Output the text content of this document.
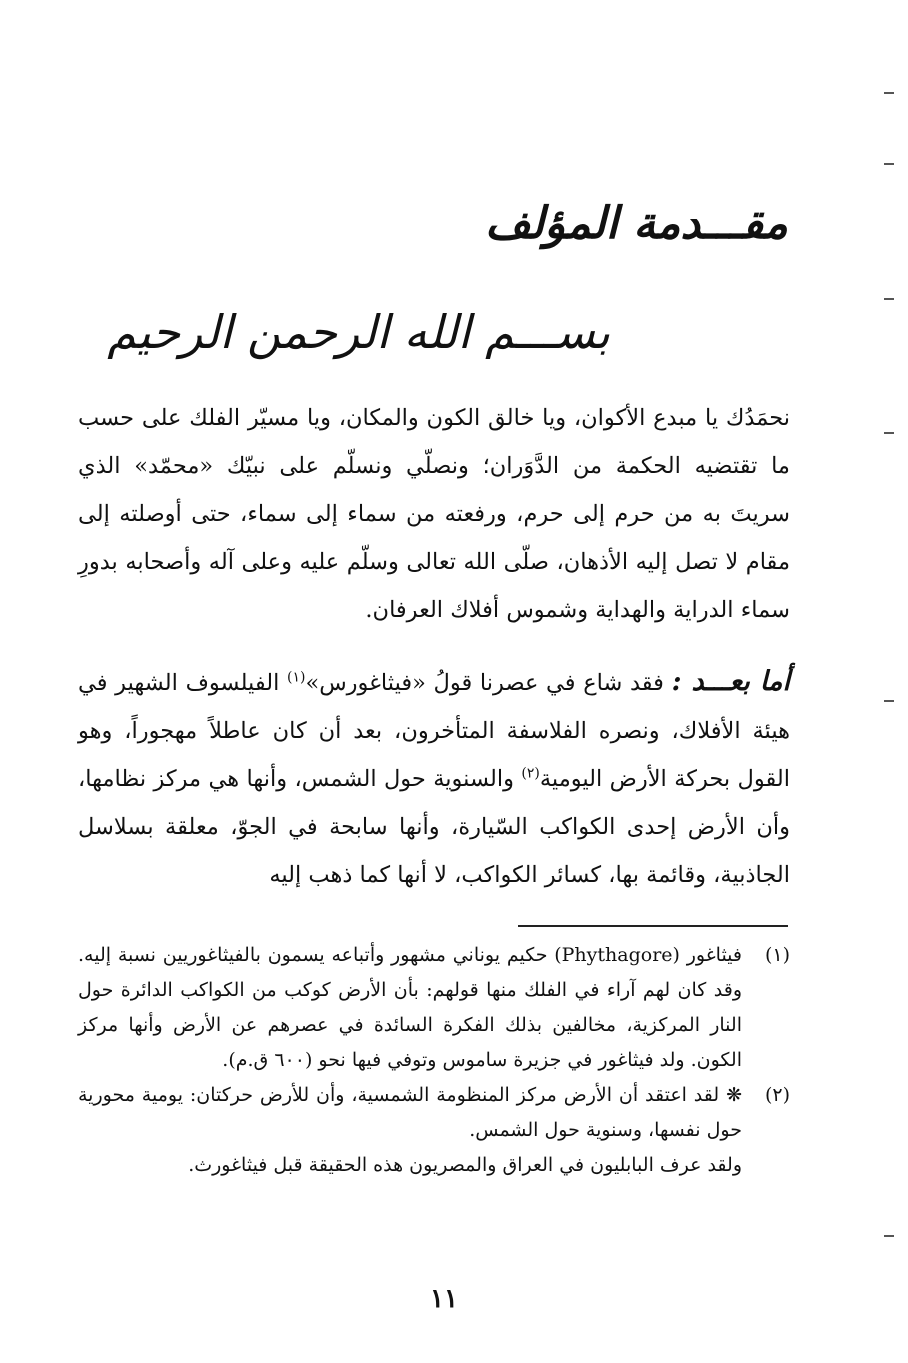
مقـــدمة المؤلف
بســـم الله الرحمن الرحيم

نحمَدُك يا مبدع الأكوان، ويا خالق الكون والمكان، ويا مسيّر الفلك على حسب ما تقتضيه الحكمة من الدَّوَران؛ ونصلّي ونسلّم على نبيّك «محمّد» الذي سريتَ به من حرم إلى حرم، ورفعته من سماء إلى سماء، حتى أوصلته إلى مقام لا تصل إليه الأذهان، صلّى الله تعالى وسلّم عليه وعلى آله وأصحابه بدورِ سماء الدراية والهداية وشموس أفلاك العرفان.

أما بعـــد : فقد شاع في عصرنا قولُ «فيثاغورس»$^{(١)}$ الفيلسوف الشهير في هيئة الأفلاك، ونصره الفلاسفة المتأخرون، بعد أن كان عاطلاً مهجوراً، وهو القول بحركة الأرض اليومية$^{(٢)}$ والسنوية حول الشمس، وأنها هي مركز نظامها، وأن الأرض إحدى الكواكب السّيارة، وأنها سابحة في الجوّ، معلقة بسلاسل الجاذبية، وقائمة بها، كسائر الكواكب، لا أنها كما ذهب إليه

(١)
فيثاغور (Phythagore) حكيم يوناني مشهور وأتباعه يسمون بالفيثاغوريين نسبة إليه. وقد كان لهم آراء في الفلك منها قولهم: بأن الأرض كوكب من الكواكب الدائرة حول النار المركزية، مخالفين بذلك الفكرة السائدة في عصرهم عن الأرض وأنها مركز الكون. ولد فيثاغور في جزيرة ساموس وتوفي فيها نحو (٦٠٠ ق.م).
(٢)
❋ لقد اعتقد أن الأرض مركز المنظومة الشمسية، وأن للأرض حركتان: يومية محورية حول نفسها، وسنوية حول الشمس.
ولقد عرف البابليون في العراق والمصريون هذه الحقيقة قبل فيثاغورث.
١١
